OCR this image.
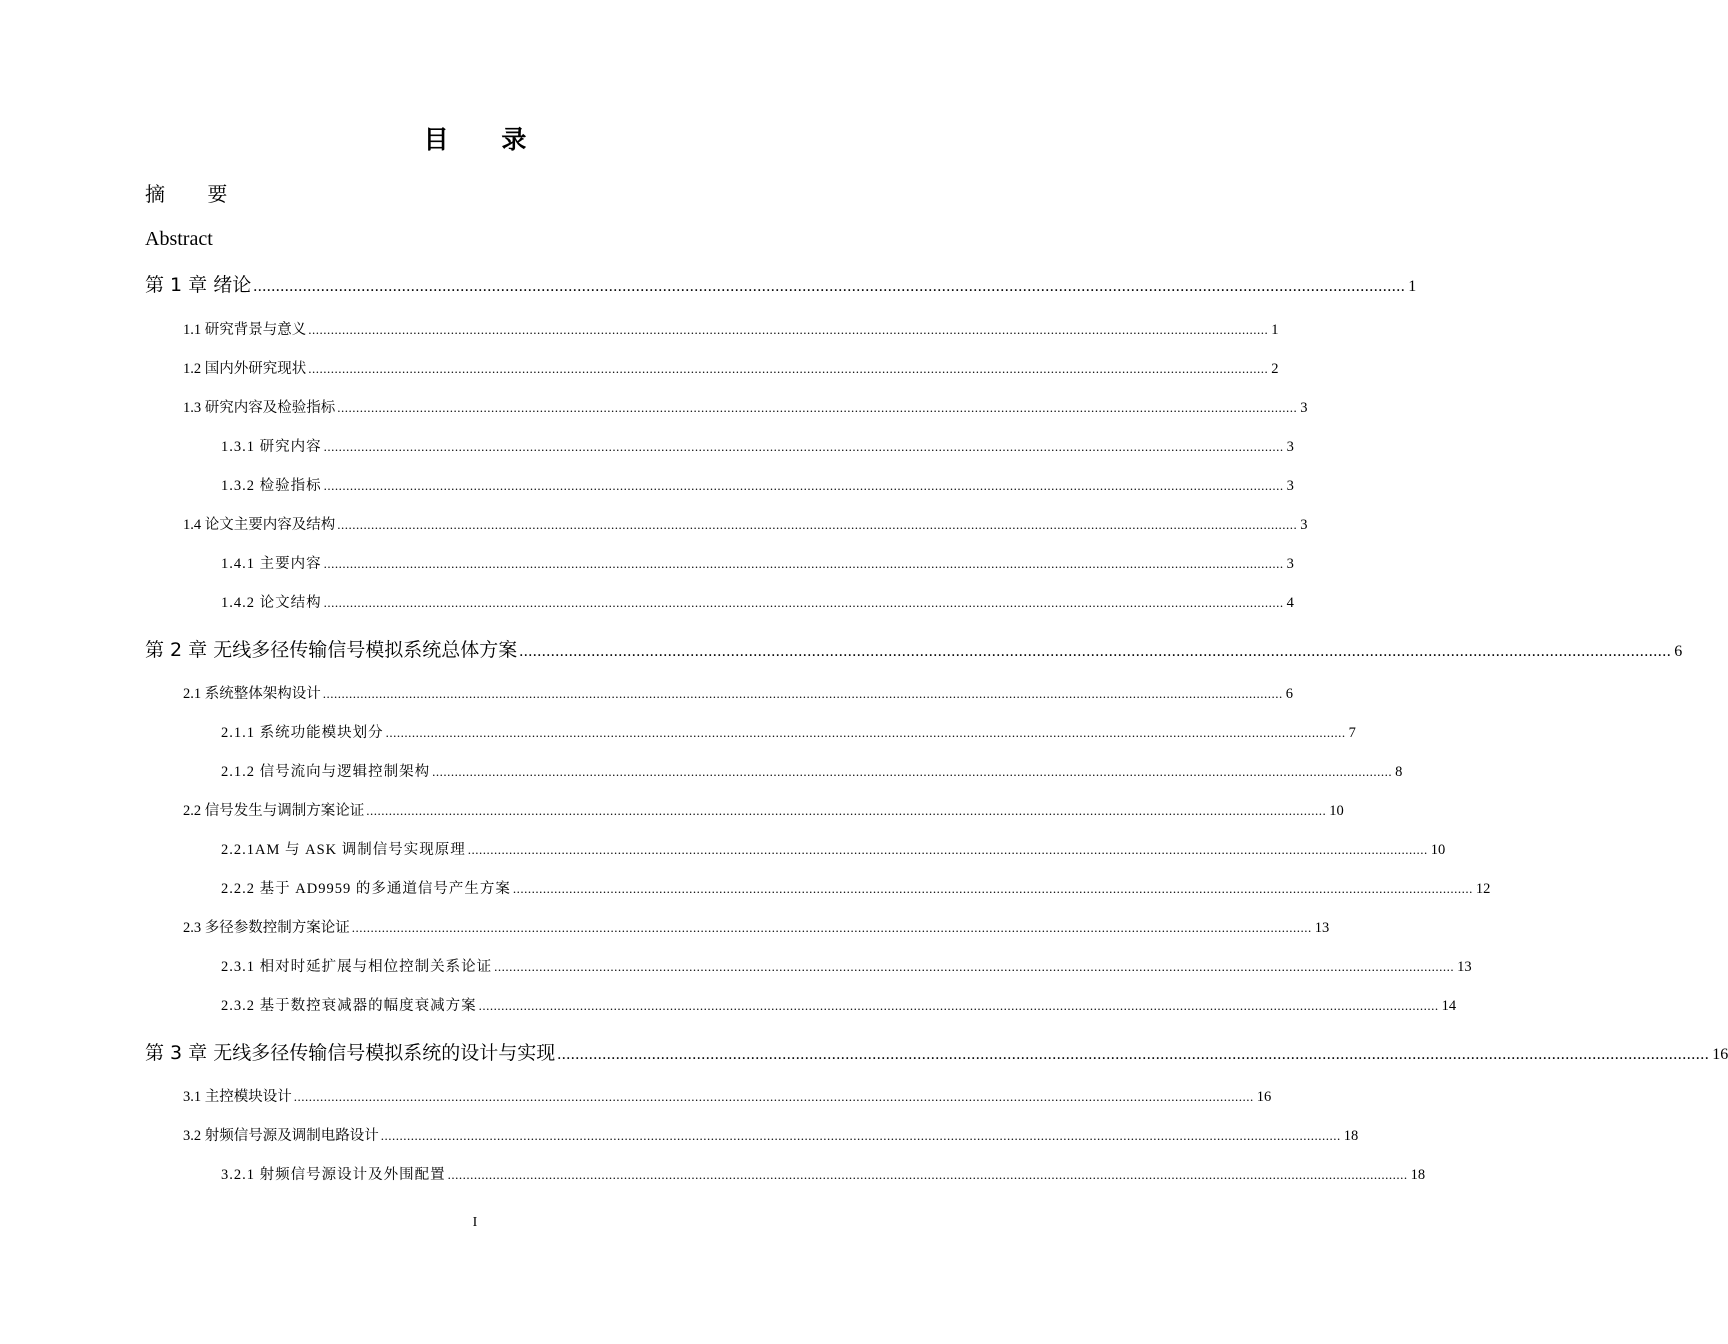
目 录
摘 要
Abstract
第 1 章 绪论 ................................................................................................................................................................................................................................................................ 1
1.1 研究背景与意义 ................................................................................................................................................................................................................................................................ 1
1.2 国内外研究现状 ................................................................................................................................................................................................................................................................ 2
1.3 研究内容及检验指标 ................................................................................................................................................................................................................................................................ 3
1.3.1 研究内容 ................................................................................................................................................................................................................................................................ 3
1.3.2 检验指标 ................................................................................................................................................................................................................................................................ 3
1.4 论文主要内容及结构 ................................................................................................................................................................................................................................................................ 3
1.4.1 主要内容 ................................................................................................................................................................................................................................................................ 3
1.4.2 论文结构 ................................................................................................................................................................................................................................................................ 4
第 2 章 无线多径传输信号模拟系统总体方案 ................................................................................................................................................................................................................................................................ 6
2.1 系统整体架构设计 ................................................................................................................................................................................................................................................................ 6
2.1.1 系统功能模块划分 ................................................................................................................................................................................................................................................................ 7
2.1.2 信号流向与逻辑控制架构 ................................................................................................................................................................................................................................................................ 8
2.2 信号发生与调制方案论证 ................................................................................................................................................................................................................................................................ 10
2.2.1AM 与 ASK 调制信号实现原理 ................................................................................................................................................................................................................................................................ 10
2.2.2 基于 AD9959 的多通道信号产生方案 ................................................................................................................................................................................................................................................................ 12
2.3 多径参数控制方案论证 ................................................................................................................................................................................................................................................................ 13
2.3.1 相对时延扩展与相位控制关系论证 ................................................................................................................................................................................................................................................................ 13
2.3.2 基于数控衰减器的幅度衰减方案 ................................................................................................................................................................................................................................................................ 14
第 3 章 无线多径传输信号模拟系统的设计与实现 ................................................................................................................................................................................................................................................................ 16
3.1 主控模块设计 ................................................................................................................................................................................................................................................................ 16
3.2 射频信号源及调制电路设计 ................................................................................................................................................................................................................................................................ 18
3.2.1 射频信号源设计及外围配置 ................................................................................................................................................................................................................................................................ 18
I
